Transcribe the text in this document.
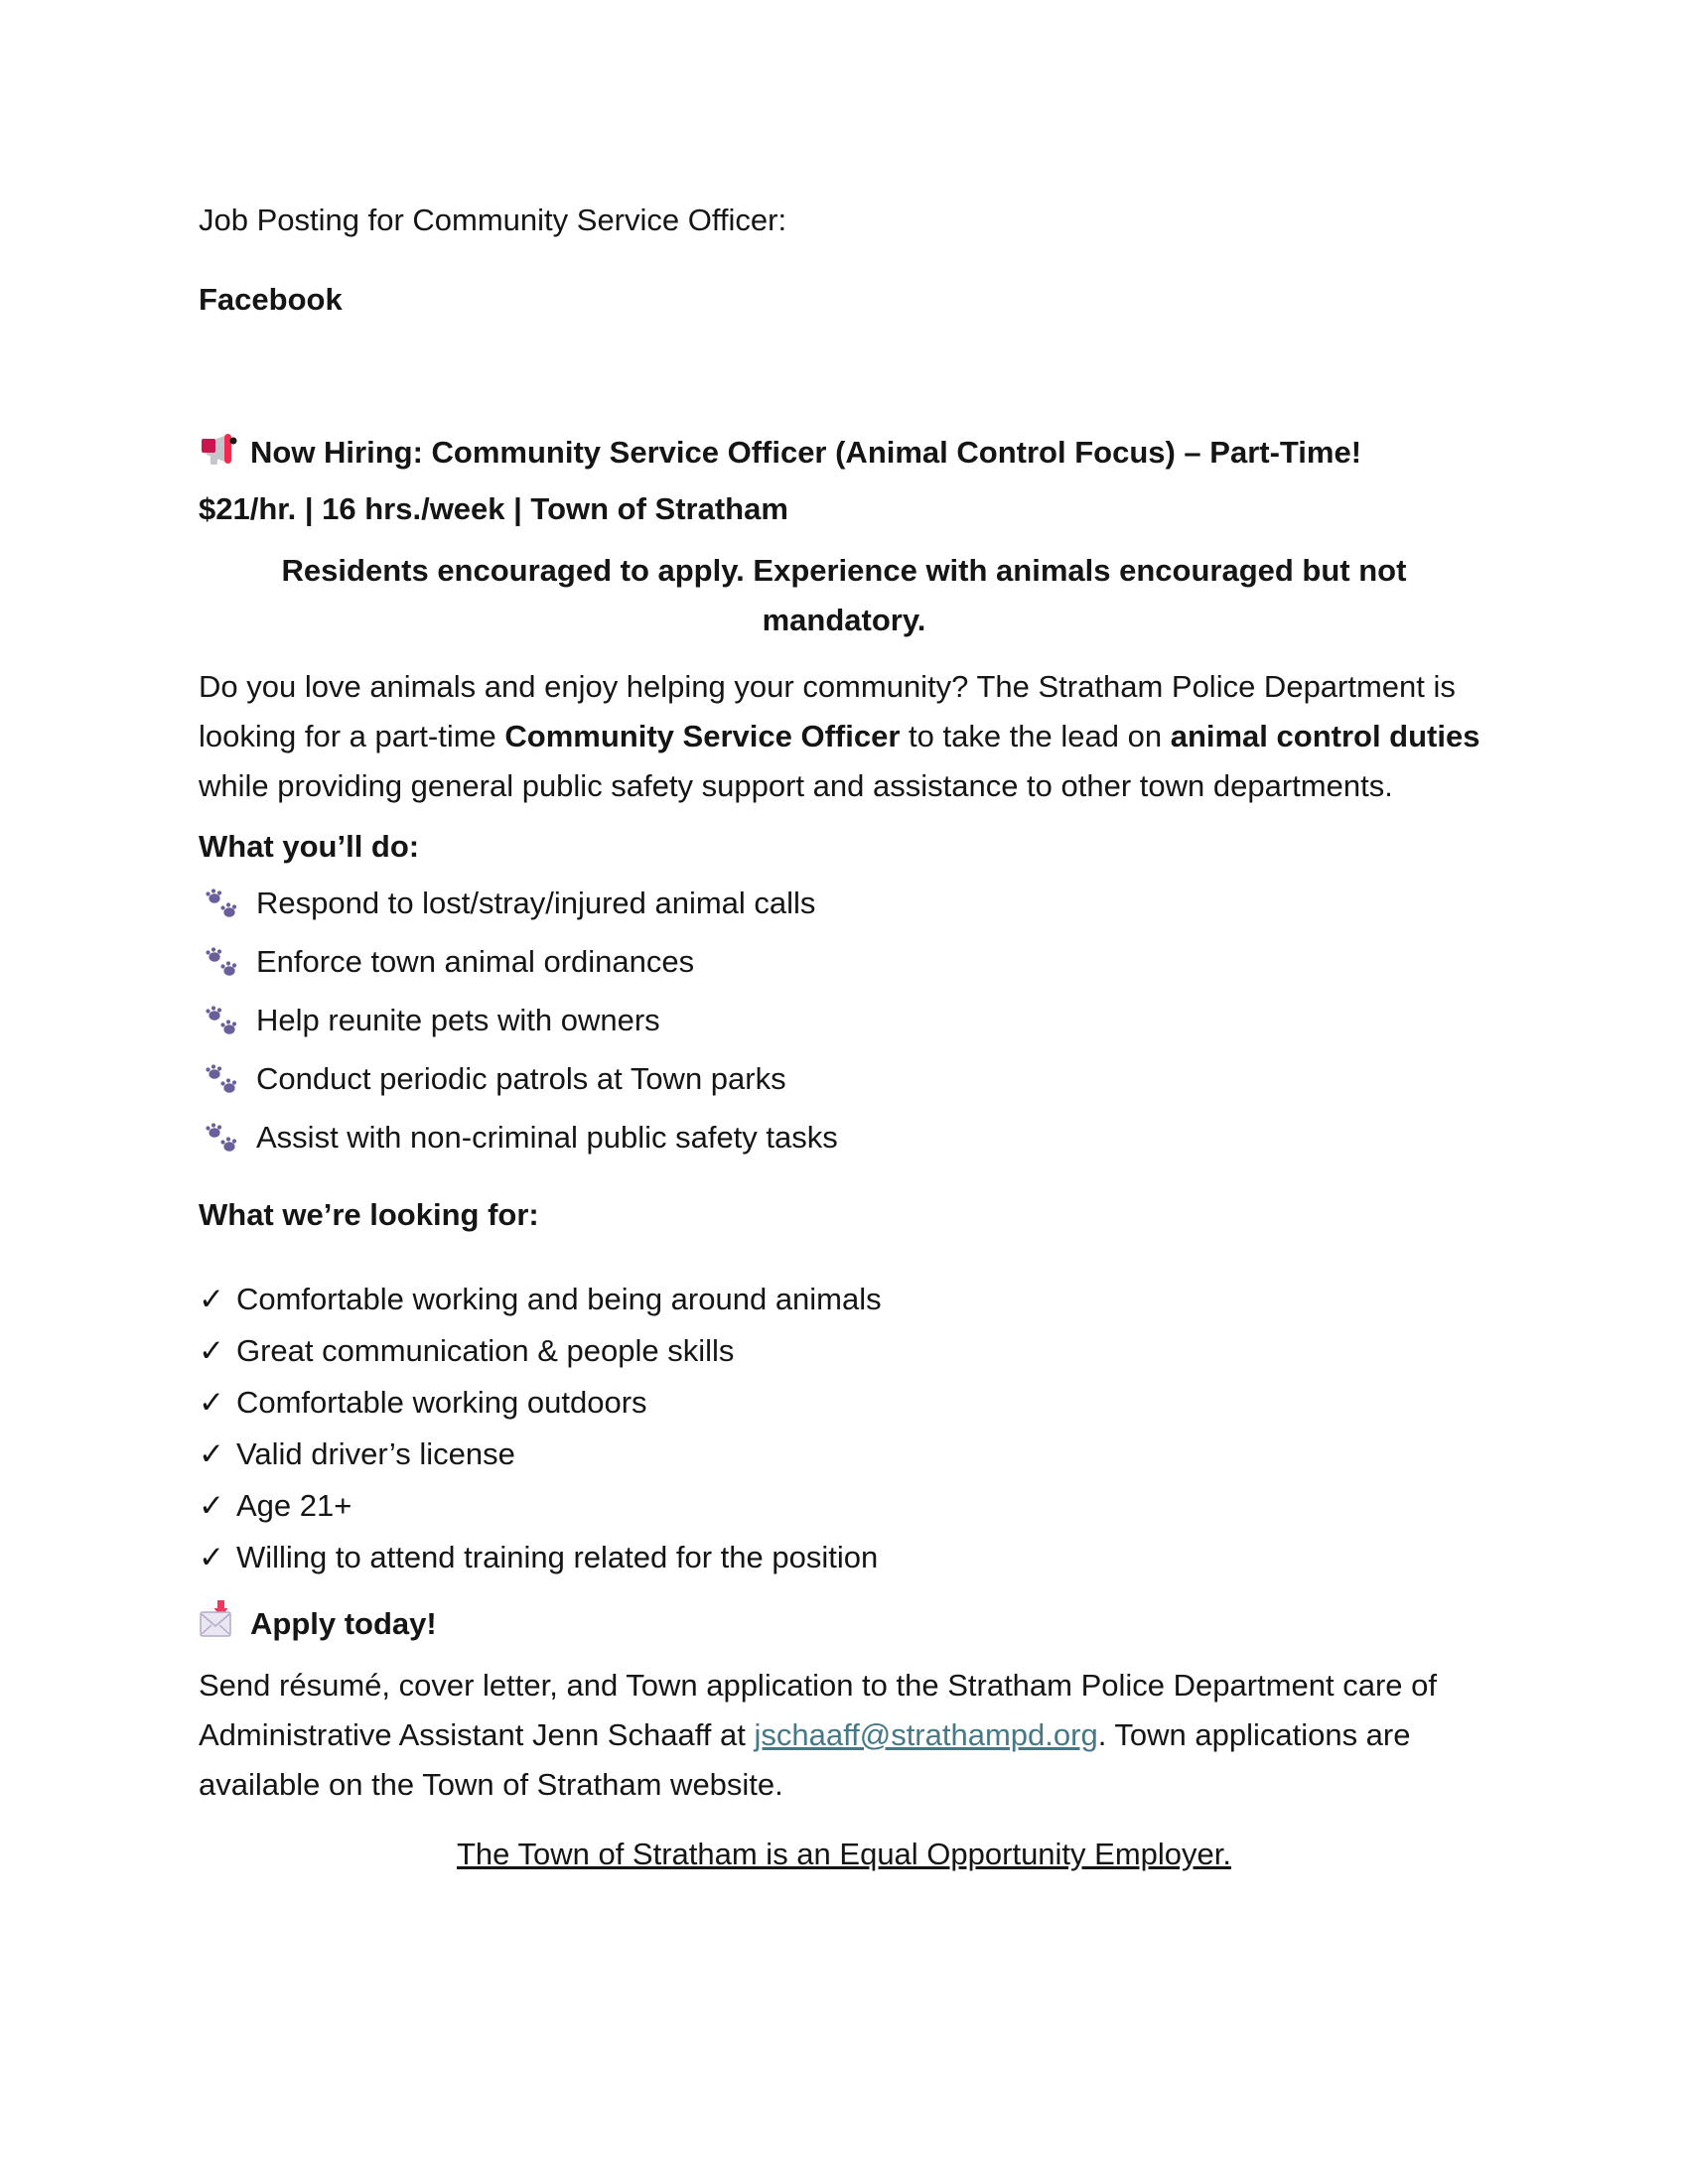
Job Posting for Community Service Officer:

Facebook

Now Hiring: Community Service Officer (Animal Control Focus) – Part-Time!
$21/hr. | 16 hrs./week | Town of Stratham

Residents encouraged to apply. Experience with animals encouraged but not mandatory.

Do you love animals and enjoy helping your community? The Stratham Police Department is looking for a part-time Community Service Officer to take the lead on animal control duties while providing general public safety support and assistance to other town departments.

What you’ll do:

Respond to lost/stray/injured animal calls
Enforce town animal ordinances
Help reunite pets with owners
Conduct periodic patrols at Town parks
Assist with non-criminal public safety tasks

What we’re looking for:

✓ Comfortable working and being around animals
✓ Great communication & people skills
✓ Comfortable working outdoors
✓ Valid driver’s license
✓ Age 21+
✓ Willing to attend training related for the position

Apply today!

Send résumé, cover letter, and Town application to the Stratham Police Department care of Administrative Assistant Jenn Schaaff at jschaaff@strathampd.org. Town applications are available on the Town of Stratham website.

The Town of Stratham is an Equal Opportunity Employer.
